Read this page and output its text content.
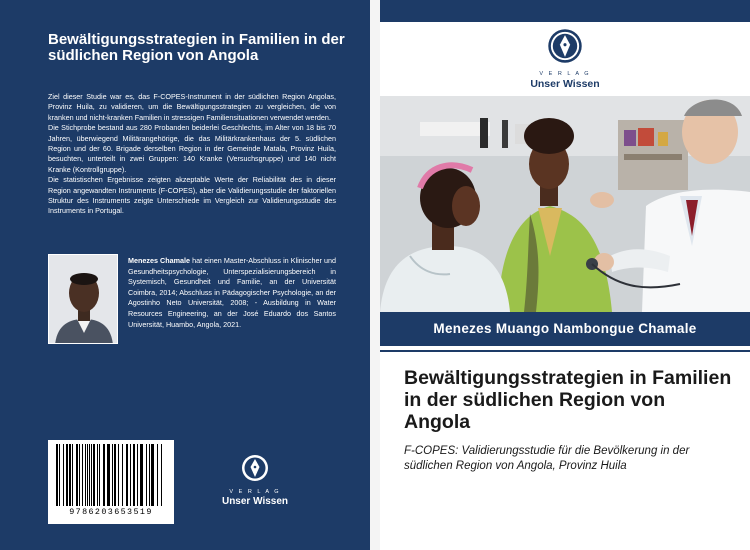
Bewältigungsstrategien in Familien in der südlichen Region von Angola

Ziel dieser Studie war es, das F-COPES-Instrument in der südlichen Region Angolas, Provinz Huila, zu validieren, um die Bewältigungsstrategien zu vergleichen, die von kranken und nicht-kranken Familien in stressigen Familiensituationen verwendet werden.

Die Stichprobe bestand aus 280 Probanden beiderlei Geschlechts, im Alter von 18 bis 70 Jahren, überwiegend Militärangehörige, die das Militärkrankenhaus der 5. südlichen Region und der 60. Brigade derselben Region in der Gemeinde Matala, Provinz Huila, besuchten, unterteilt in zwei Gruppen: 140 Kranke (Versuchsgruppe) und 140 nicht Kranke (Kontrollgruppe).

Die statistischen Ergebnisse zeigten akzeptable Werte der Reliabilität des in dieser Region angewandten Instruments (F-COPES), aber die Validierungsstudie der faktoriellen Struktur des Instruments zeigte Unterschiede im Vergleich zur Validierungsstudie des Instruments in Portugal.

Menezes Chamale hat einen Master-Abschluss in Klinischer und Gesundheitspsychologie, Unterspezialisierungsbereich in Systemisch, Gesundheit und Familie, an der Universität Coimbra, 2014; Abschluss in Pädagogischer Psychologie, an der Agostinho Neto Universität, 2008; - Ausbildung in Water Resources Engineering, an der José Eduardo dos Santos Universität, Huambo, Angola, 2021.
9786203653519
V E R L A G
Unser Wissen
V E R L A G
Unser Wissen
Menezes Muango Nambongue Chamale
Bewältigungsstrategien in Familien in der südlichen Region von Angola
F-COPES: Validierungsstudie für die Bevölkerung in der südlichen Region von Angola, Provinz Huila
